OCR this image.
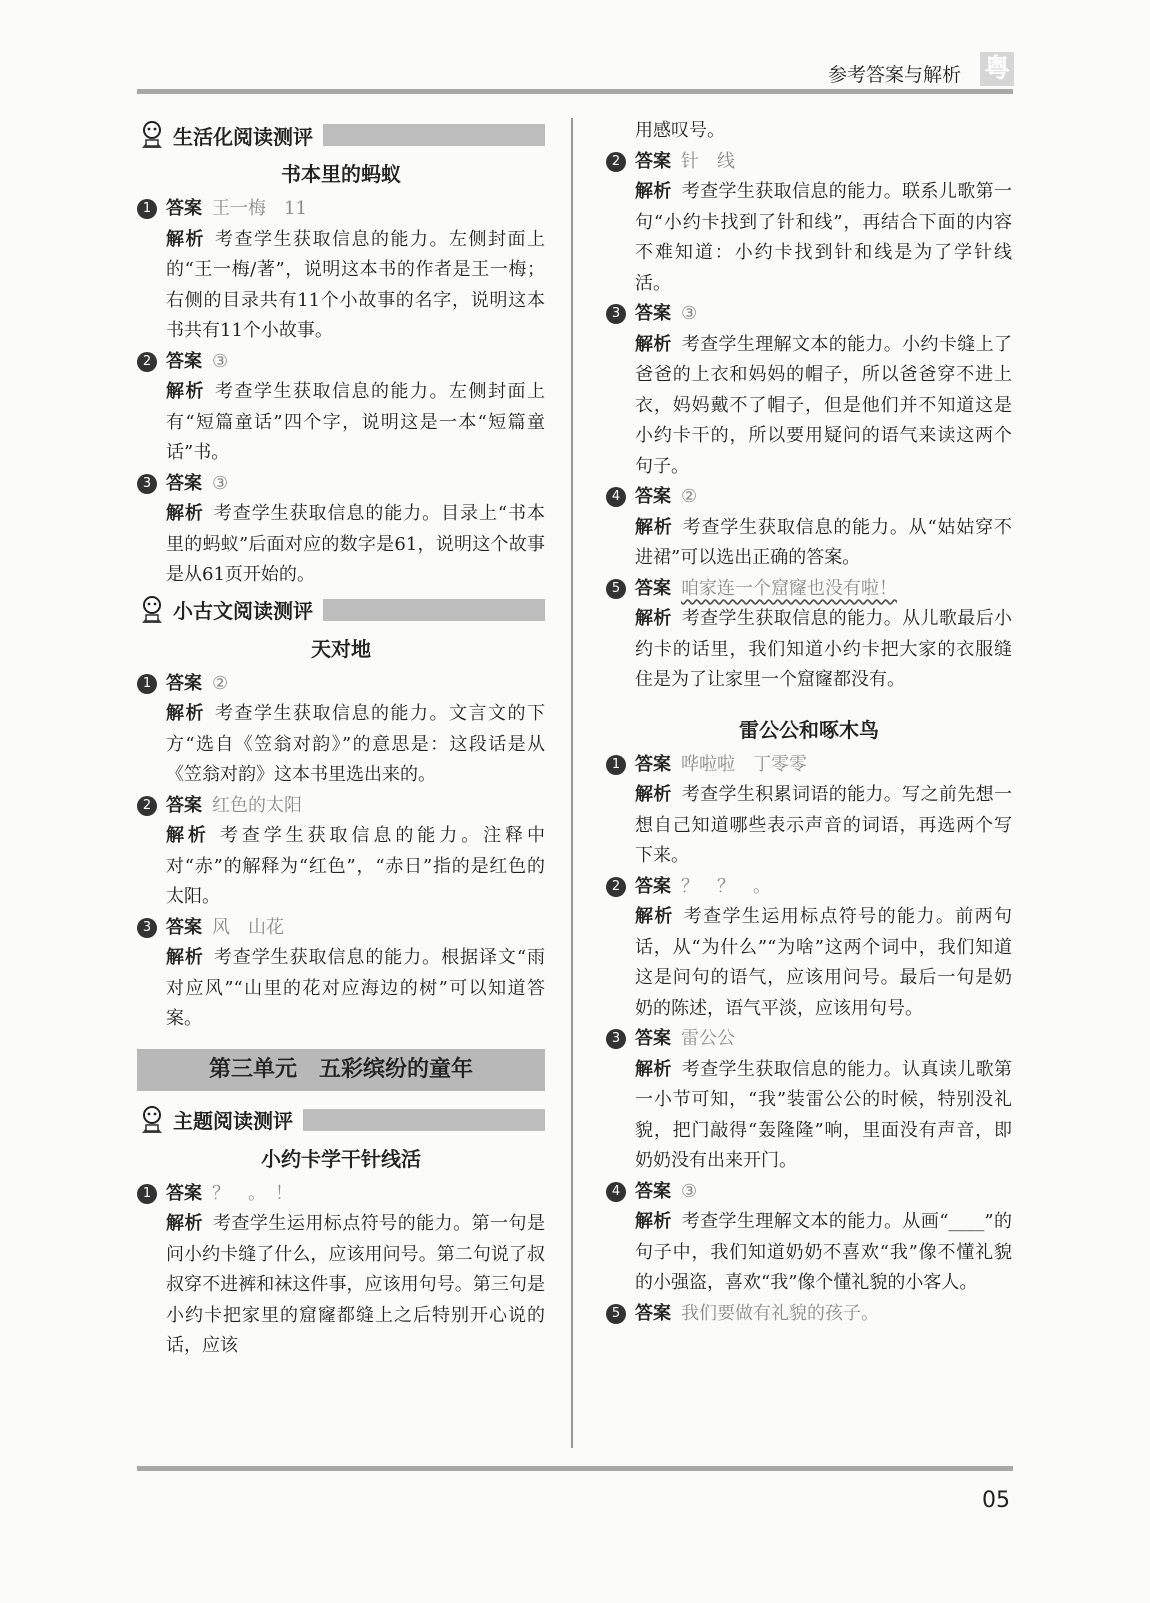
参考答案与解析 粤
生活化阅读测评
书本里的蚂蚁
1 答案 王一梅　11
解析 考查学生获取信息的能力。左侧封面上的“王一梅/著”，说明这本书的作者是王一梅；右侧的目录共有11个小故事的名字，说明这本书共有11个小故事。
2 答案 ③
解析 考查学生获取信息的能力。左侧封面上有“短篇童话”四个字，说明这是一本“短篇童话”书。
3 答案 ③
解析 考查学生获取信息的能力。目录上“书本里的蚂蚁”后面对应的数字是61，说明这个故事是从61页开始的。
小古文阅读测评
天对地
1 答案 ②
解析 考查学生获取信息的能力。文言文的下方“选自《笠翁对韵》”的意思是：这段话是从《笠翁对韵》这本书里选出来的。
2 答案 红色的太阳
解析 考查学生获取信息的能力。注释中对“赤”的解释为“红色”，“赤日”指的是红色的太阳。
3 答案 风　山花
解析 考查学生获取信息的能力。根据译文“雨对应风”“山里的花对应海边的树”可以知道答案。
第三单元　五彩缤纷的童年
主题阅读测评
小约卡学干针线活
1 答案 ？　。　！
解析 考查学生运用标点符号的能力。第一句是问小约卡缝了什么，应该用问号。第二句说了叔叔穿不进裤和袜这件事，应该用句号。第三句是小约卡把家里的窟窿都缝上之后特别开心说的话，应该
用感叹号。
2 答案 针　线
解析 考查学生获取信息的能力。联系儿歌第一句“小约卡找到了针和线”，再结合下面的内容不难知道：小约卡找到针和线是为了学针线活。
3 答案 ③
解析 考查学生理解文本的能力。小约卡缝上了爸爸的上衣和妈妈的帽子，所以爸爸穿不进上衣，妈妈戴不了帽子，但是他们并不知道这是小约卡干的，所以要用疑问的语气来读这两个句子。
4 答案 ②
解析 考查学生获取信息的能力。从“姑姑穿不进裙”可以选出正确的答案。
5 答案 咱家连一个窟窿也没有啦！
解析 考查学生获取信息的能力。从儿歌最后小约卡的话里，我们知道小约卡把大家的衣服缝住是为了让家里一个窟窿都没有。
雷公公和啄木鸟
1 答案 哗啦啦　丁零零
解析 考查学生积累词语的能力。写之前先想一想自己知道哪些表示声音的词语，再选两个写下来。
2 答案 ？　？　。
解析 考查学生运用标点符号的能力。前两句话，从“为什么”“为啥”这两个词中，我们知道这是问句的语气，应该用问号。最后一句是奶奶的陈述，语气平淡，应该用句号。
3 答案 雷公公
解析 考查学生获取信息的能力。认真读儿歌第一小节可知，“我”装雷公公的时候，特别没礼貌，把门敲得“轰隆隆”响，里面没有声音，即奶奶没有出来开门。
4 答案 ③
解析 考查学生理解文本的能力。从画“____”的句子中，我们知道奶奶不喜欢“我”像不懂礼貌的小强盗，喜欢“我”像个懂礼貌的小客人。
5 答案 我们要做有礼貌的孩子。
05
